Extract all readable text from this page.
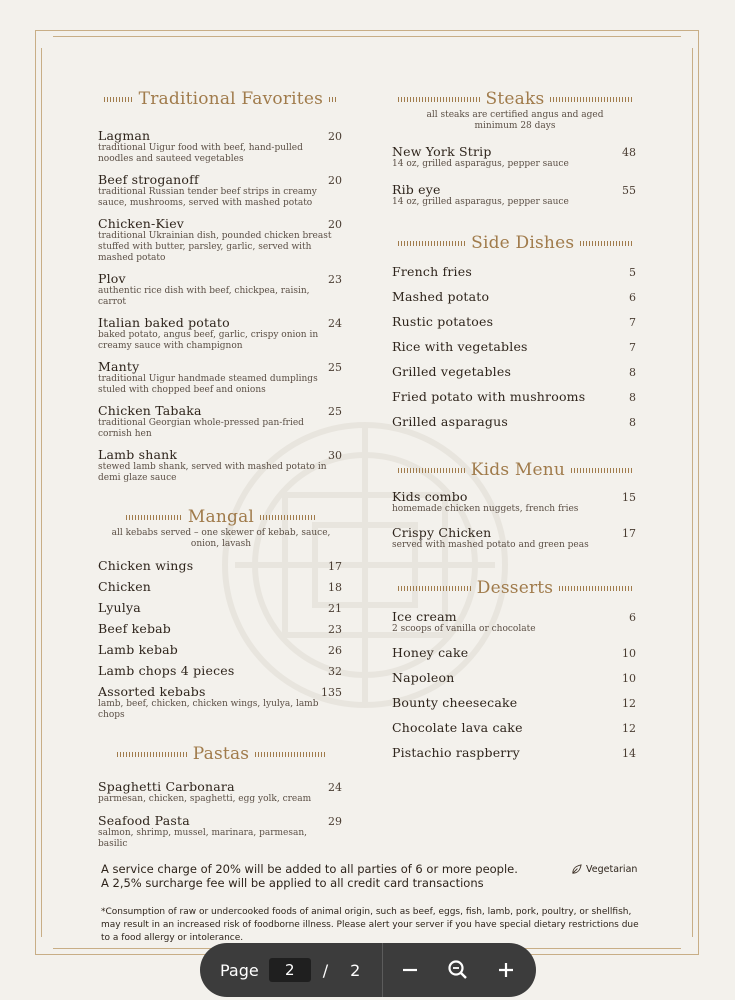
Traditional Favorites
Lagman	20
traditional Uigur food with beef, hand-pulled noodles and sauteed vegetables
Beef stroganoff	20
traditional Russian tender beef strips in creamy sauce, mushrooms, served with mashed potato
Chicken-Kiev	20
traditional Ukrainian dish, pounded chicken breast stuffed with butter, parsley, garlic, served with mashed potato
Plov	23
authentic rice dish with beef, chickpea, raisin, carrot
Italian baked potato	24
baked potato, angus beef, garlic, crispy onion in creamy sauce with champignon
Manty	25
traditional Uigur handmade steamed dumplings stuled with chopped beef and onions
Chicken Tabaka	25
traditional Georgian whole-pressed pan-fried cornish hen
Lamb shank	30
stewed lamb shank, served with mashed potato in demi glaze sauce
Mangal
all kebabs served – one skewer of kebab, sauce, onion, lavash
Chicken wings	17
Chicken	18
Lyulya	21
Beef kebab	23
Lamb kebab	26
Lamb chops 4 pieces	32
Assorted kebabs	135
lamb, beef, chicken, chicken wings, lyulya, lamb chops
Pastas
Spaghetti Carbonara	24
parmesan, chicken, spaghetti, egg yolk, cream
Seafood Pasta	29
salmon, shrimp, mussel, marinara, parmesan, basilic
Steaks
all steaks are certified angus and aged minimum 28 days
New York Strip	48
14 oz, grilled asparagus, pepper sauce
Rib eye	55
14 oz, grilled asparagus, pepper sauce
Side Dishes
French fries	5
Mashed potato	6
Rustic potatoes	7
Rice with vegetables	7
Grilled vegetables	8
Fried potato with mushrooms	8
Grilled asparagus	8
Kids Menu
Kids combo	15
homemade chicken nuggets, french fries
Crispy Chicken	17
served with mashed potato and green peas
Desserts
Ice cream	6
2 scoops of vanilla or chocolate
Honey cake	10
Napoleon	10
Bounty cheesecake	12
Chocolate lava cake	12
Pistachio raspberry	14
A service charge of 20% will be added to all parties of 6 or more people.
A 2,5% surcharge fee will be applied to all credit card transactions
Vegetarian
*Consumption of raw or undercooked foods of animal origin, such as beef, eggs, fish, lamb, pork, poultry, or shellfish, may result in an increased risk of foodborne illness. Please alert your server if you have special dietary restrictions due to a food allergy or intolerance.
Page	2	/ 2
